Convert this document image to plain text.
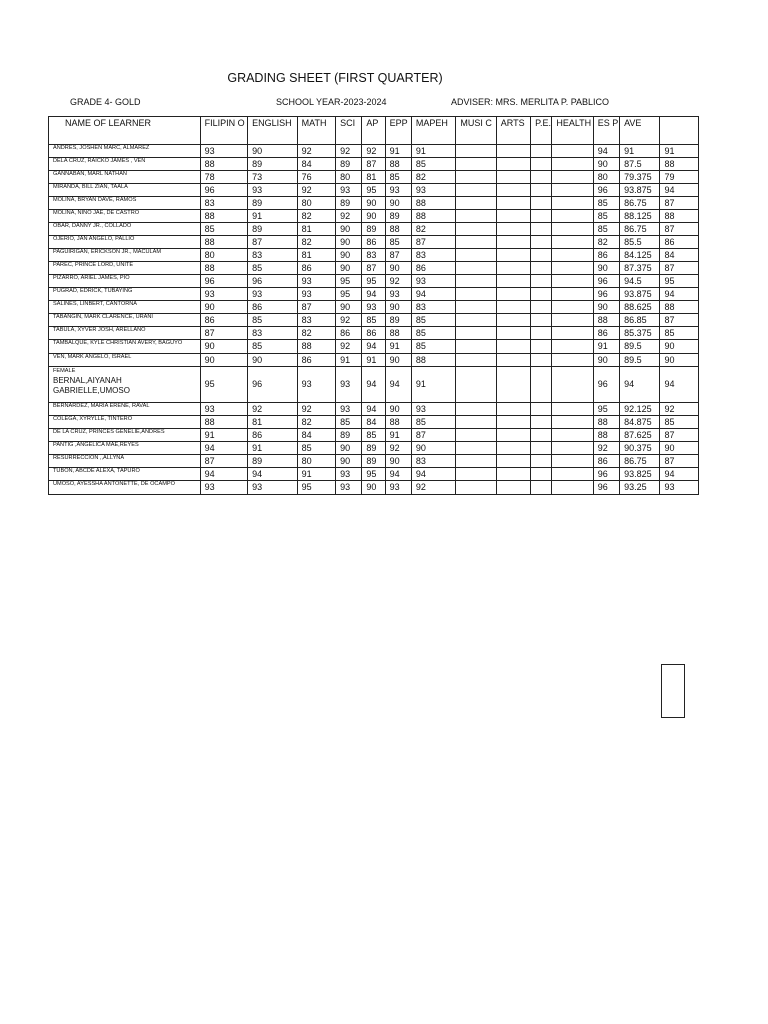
GRADING SHEET (FIRST QUARTER)
GRADE 4- GOLD	SCHOOL YEAR-2023-2024	ADVISER: MRS. MERLITA P. PABLICO
NAME OF LEARNER	FILIPIN O	ENGLISH	MATH	SCI	AP	EPP	MAPEH	MUSI C	ARTS	P.E.	HEALTH	ES P	AVE	
ANDRES, JOSHEN MARC, ALMAREZ	93	90	92	92	92	91	91					94	91	91
DELA CRUZ, RAICKO JAMES , VEN	88	89	84	89	87	88	85					90	87.5	88
GANNABAN, MARL NATHAN	78	73	76	80	81	85	82					80	79.375	79
MIRANDA, BILL ZIAN, TAALA	96	93	92	93	95	93	93					96	93.875	94
MOLINA, BRYAN DAVE, RAMOS	83	89	80	89	90	90	88					85	86.75	87
MOLINA, NIÑO JAE, DE CASTRO	88	91	82	92	90	89	88					85	88.125	88
OBAR, DANNY JR., COLLADO	85	89	81	90	89	88	82					85	86.75	87
OJERIO, JAN ANGELO, PALLIO	88	87	82	90	86	85	87					82	85.5	86
PAGUIRIGAN, ERICKSON JR., MACULAM	80	83	81	90	83	87	83					86	84.125	84
PAREC, PRINCE LORD, UNITE	88	85	86	90	87	90	86					90	87.375	87
PIZARRO, ARIEL JAMES, PIO	96	96	93	95	95	92	93					96	94.5	95
PUGRAD, EDRICK, TUBAYING	93	93	93	95	94	93	94					96	93.875	94
SALINES, LINBERT, CANTORNA	90	86	87	90	93	90	83					90	88.625	88
TABANGIN, MARK CLARENCE, URANI	86	85	83	92	85	89	85					88	86.85	87
TABULA, XYVER JOSH, ARELLANO	87	83	82	86	86	88	85					86	85.375	85
TAMBALQUE, KYLE CHRISTIAN AVERY, BAGUYO	90	85	88	92	94	91	85					91	89.5	90
VEN, MARK ANGELO, ISRAEL	90	90	86	91	91	90	88					90	89.5	90

FEMALE
BERNAL,AIYANAH GABRIELLE,UMOSO	95	96	93	93	94	94	91					96	94	94
BERNARDEZ, MARIA ERENE, RAVAL	93	92	92	93	94	90	93					95	92.125	92
COLEGA, XYRYLLE, TINTERO	88	81	82	85	84	88	85					88	84.875	85
DE LA CRUZ, PRINCES GENELIE,ANDRES	91	86	84	89	85	91	87					88	87.625	87
PANTIG ,ANGELICA MAE,REYES	94	91	85	90	89	92	90					92	90.375	90
RESURRECCION ,,ALLYNA	87	89	80	90	89	90	83					86	86.75	87
TUBON, ABCDE ALEXA, TAPURO	94	94	91	93	95	94	94					96	93.825	94
UMOSO, AYESSHA ANTONETTE, DE OCAMPO	93	93	95	93	90	93	92					96	93.25	93
